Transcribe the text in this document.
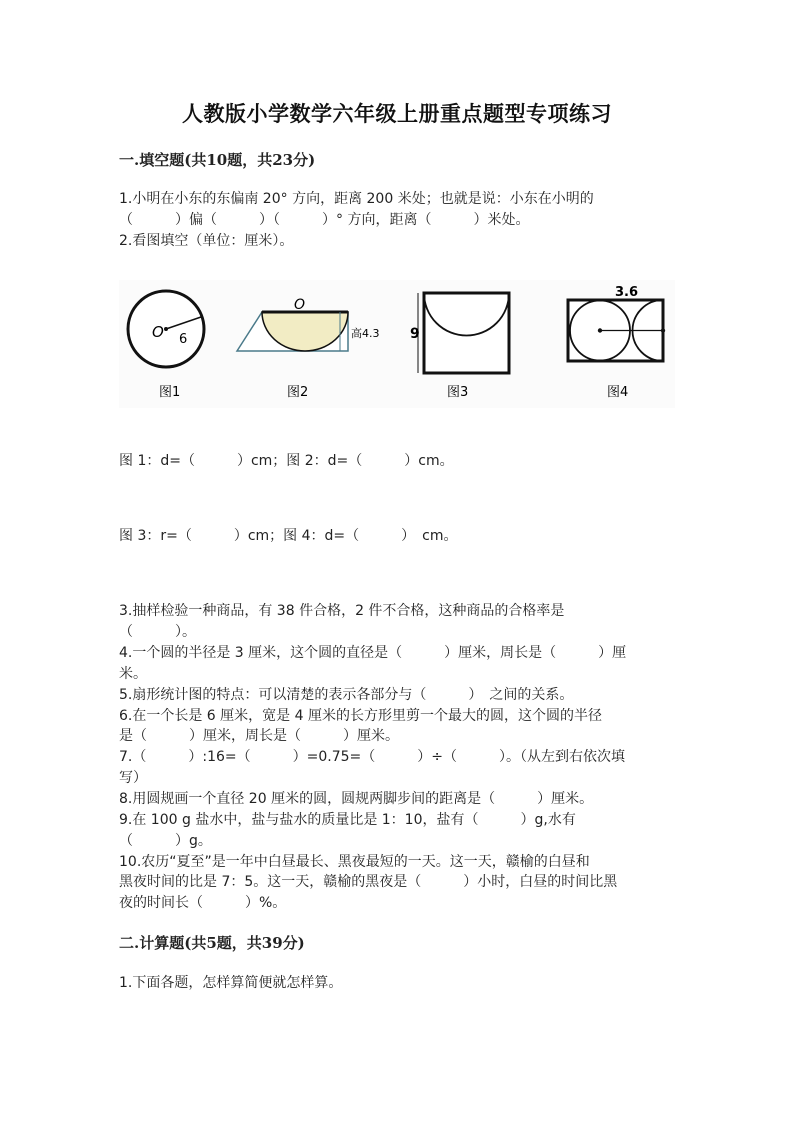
人教版小学数学六年级上册重点题型专项练习
一.填空题(共10题，共23分)
1.小明在小东的东偏南 20° 方向，距离 200 米处；也就是说：小东在小明的
（　　　）偏（　　　）（　　　）° 方向，距离（　　　）米处。
2.看图填空（单位：厘米）。
O 6
O
高4.3 9
3.6
图1	图2	图3	图4
图 1：d=（　　　）cm；图 2：d=（　　　）cm。
图 3：r=（　　　）cm；图 4：d=（　　　）　cm。
3.抽样检验一种商品，有 38 件合格，2 件不合格，这种商品的合格率是
（　　　）。
4.一个圆的半径是 3 厘米，这个圆的直径是（　　　）厘米，周长是（　　　）厘
米。
5.扇形统计图的特点：可以清楚的表示各部分与（　　　）　之间的关系。
6.在一个长是 6 厘米，宽是 4 厘米的长方形里剪一个最大的圆，这个圆的半径
是（　　　）厘米，周长是（　　　）厘米。
7.（　　　）:16=（　　　）=0.75=（　　　）÷（　　　）。（从左到右依次填
写）
8.用圆规画一个直径 20 厘米的圆，圆规两脚步间的距离是（　　　）厘米。
9.在 100 g 盐水中，盐与盐水的质量比是 1：10，盐有（　　　）g,水有
（　　　）g。
10.农历“夏至”是一年中白昼最长、黑夜最短的一天。这一天，赣榆的白昼和
黑夜时间的比是 7：5。这一天，赣榆的黑夜是（　　　）小时，白昼的时间比黑
夜的时间长（　　　）%。
二.计算题(共5题，共39分)
1.下面各题，怎样算简便就怎样算。
